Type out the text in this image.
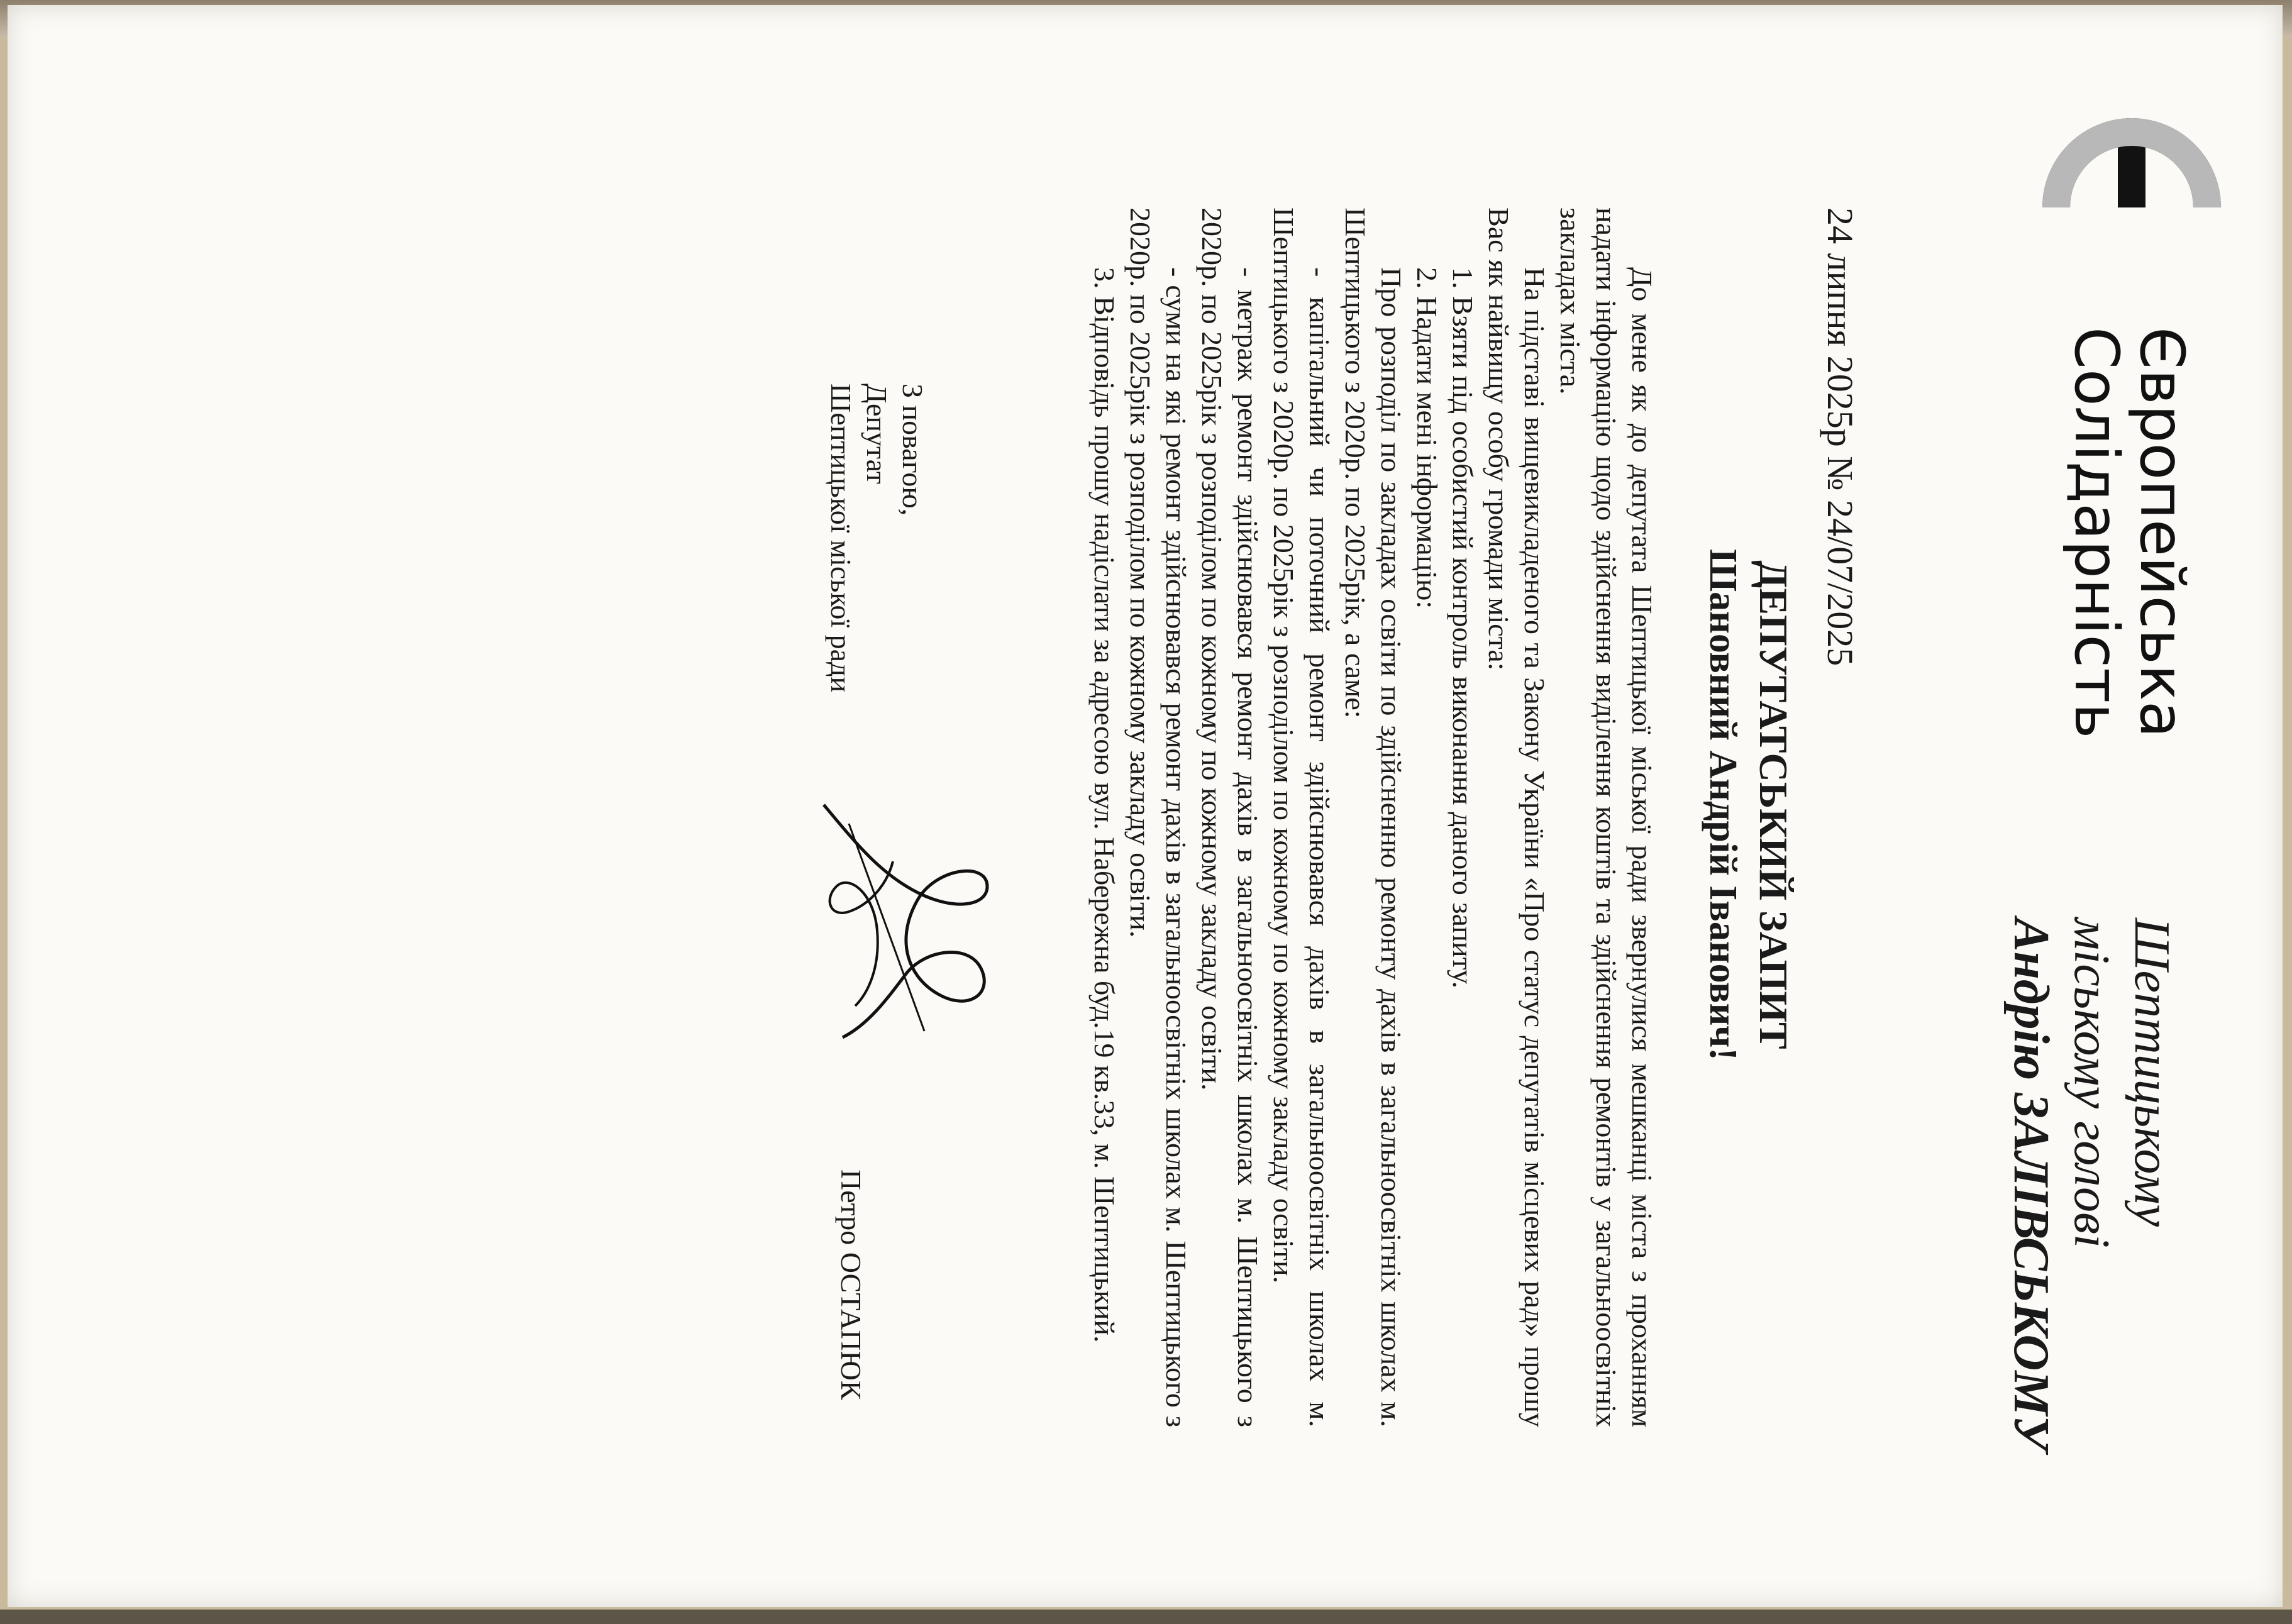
Європейська
Солідарність
Шептицькому
міському голові
Андрію ЗАЛІВСЬКОМУ
24 липня 2025р № 24/07/2025
ДЕПУТАТСЬКИЙ ЗАПИТ
Шановний Андрій Іванович!

До мене як до депутата Шептицької міської ради звернулися мешканці міста з проханням надати інформацію щодо здійснення виділення коштів та здійснення ремонтів у загальноосвітніх закладах міста.

На підставі вищевикладеного та Закону України «Про статус депутатів місцевих рад» прошу Вас як найвищу особу громади міста:

1. Взяти під особистий контроль виконання даного запиту.

2. Надати мені інформацію:

Про розподіл по закладах освіти по здійсненню ремонту дахів в загальноосвітніх школах м. Шептицького з 2020р. по 2025рік, а саме:

- капітальний чи поточний ремонт здійснювався дахів в загальноосвітніх школах м. Шептицького з 2020р. по 2025рік з розподілом по кожному по кожному закладу освіти.

- метраж ремонт здійснювався ремонт дахів в загальноосвітніх школах м. Шептицького з 2020р. по 2025рік з розподілом по кожному по кожному закладу освіти.

- суми на які ремонт здійснювався ремонт дахів в загальноосвітніх школах м. Шептицького з 2020р. по 2025рік з розподілом по кожному закладу освіти.

3. Відповідь прошу надіслати за адресою вул. Набережна буд.19 кв.33, м. Шептицький.

З повагою,
Депутат
Шептицької міської ради
Петро ОСТАПЮК
